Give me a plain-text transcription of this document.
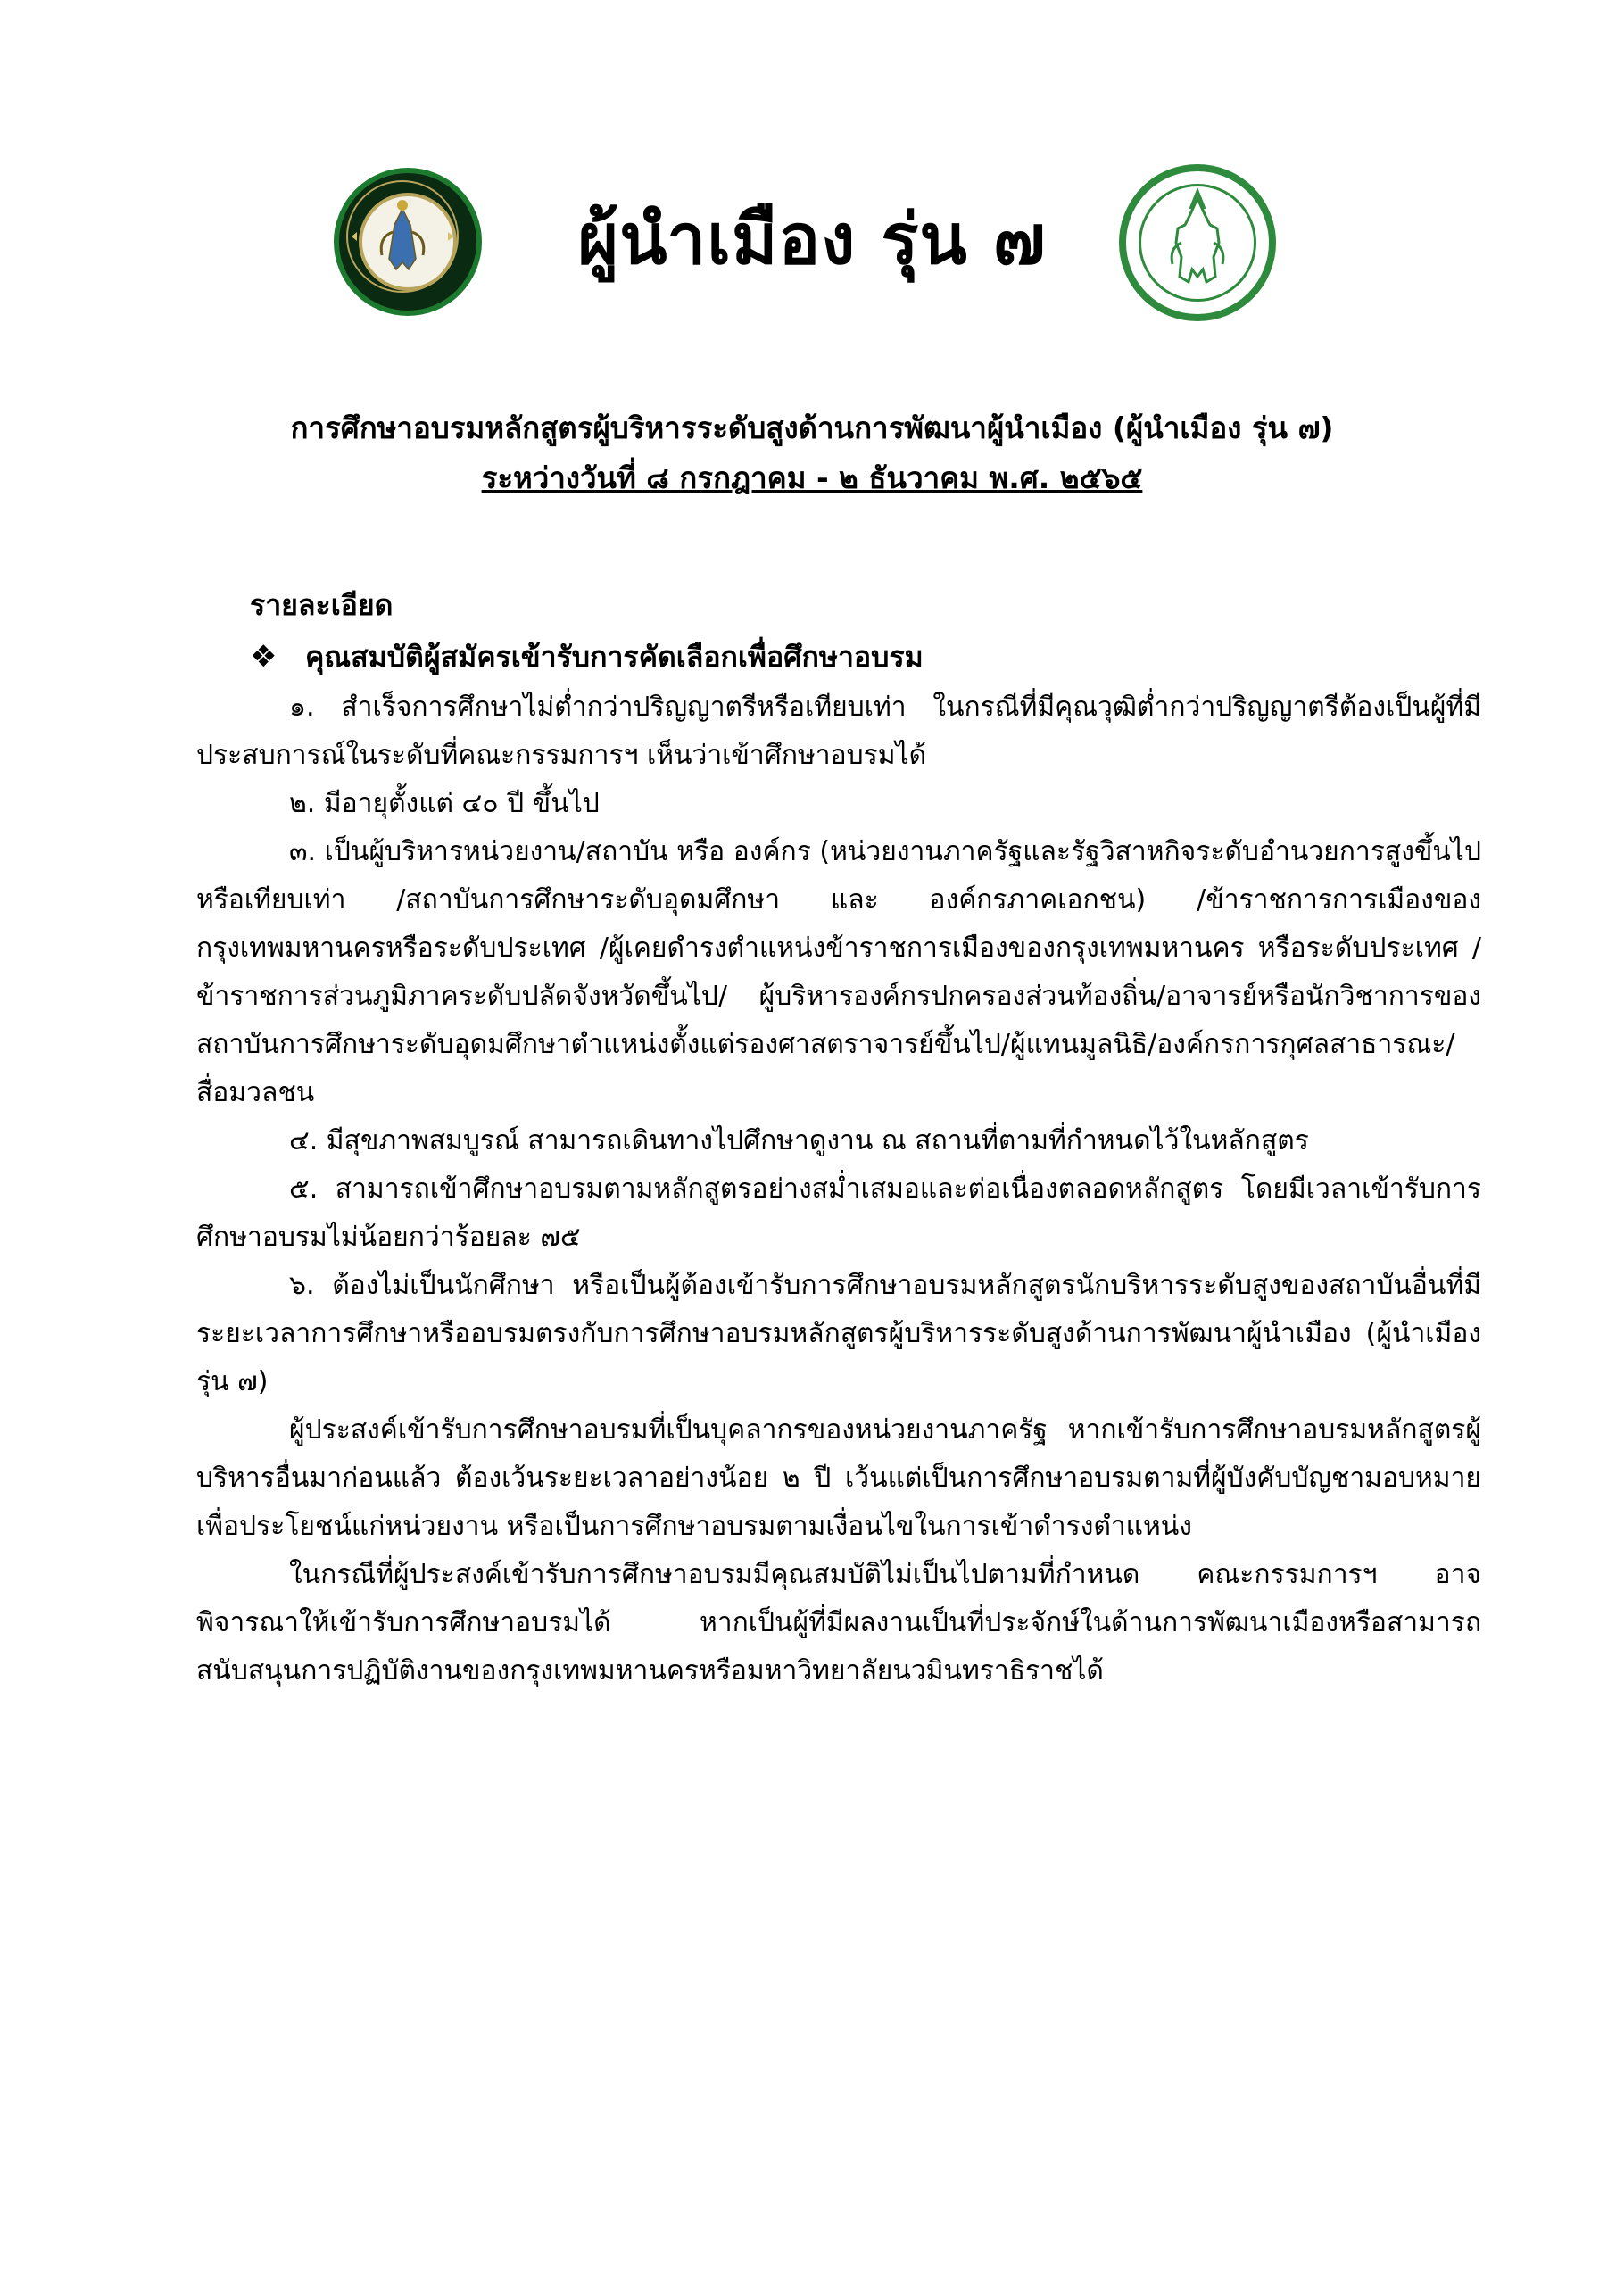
ผู้นำเมือง รุ่น ๗
การศึกษาอบรมหลักสูตรผู้บริหารระดับสูงด้านการพัฒนาผู้นำเมือง (ผู้นำเมือง รุ่น ๗)
ระหว่างวันที่ ๘ กรกฎาคม - ๒ ธันวาคม พ.ศ. ๒๕๖๕
รายละเอียด
❖ คุณสมบัติผู้สมัครเข้ารับการคัดเลือกเพื่อศึกษาอบรม

๑. สำเร็จการศึกษาไม่ต่ำกว่าปริญญาตรีหรือเทียบเท่า ในกรณีที่มีคุณวุฒิต่ำกว่าปริญญาตรีต้องเป็นผู้ที่มีประสบการณ์ในระดับที่คณะกรรมการฯ เห็นว่าเข้าศึกษาอบรมได้

๒. มีอายุตั้งแต่ ๔๐ ปี ขึ้นไป

๓. เป็นผู้บริหารหน่วยงาน/สถาบัน หรือ องค์กร (หน่วยงานภาครัฐและรัฐวิสาหกิจระดับอำนวยการสูงขึ้นไปหรือเทียบเท่า /สถาบันการศึกษาระดับอุดมศึกษา และ องค์กรภาคเอกชน) /ข้าราชการการเมืองของกรุงเทพมหานครหรือระดับประเทศ /ผู้เคยดำรงตำแหน่งข้าราชการเมืองของกรุงเทพมหานคร หรือระดับประเทศ /ข้าราชการส่วนภูมิภาคระดับปลัดจังหวัดขึ้นไป/ ผู้บริหารองค์กรปกครองส่วนท้องถิ่น/อาจารย์หรือนักวิชาการของสถาบันการศึกษาระดับอุดมศึกษาตำแหน่งตั้งแต่รองศาสตราจารย์ขึ้นไป/ผู้แทนมูลนิธิ/องค์กรการกุศลสาธารณะ/สื่อมวลชน

๔. มีสุขภาพสมบูรณ์ สามารถเดินทางไปศึกษาดูงาน ณ สถานที่ตามที่กำหนดไว้ในหลักสูตร

๕. สามารถเข้าศึกษาอบรมตามหลักสูตรอย่างสม่ำเสมอและต่อเนื่องตลอดหลักสูตร โดยมีเวลาเข้ารับการศึกษาอบรมไม่น้อยกว่าร้อยละ ๗๕

๖. ต้องไม่เป็นนักศึกษา หรือเป็นผู้ต้องเข้ารับการศึกษาอบรมหลักสูตรนักบริหารระดับสูงของสถาบันอื่นที่มีระยะเวลาการศึกษาหรืออบรมตรงกับการศึกษาอบรมหลักสูตรผู้บริหารระดับสูงด้านการพัฒนาผู้นำเมือง (ผู้นำเมือง รุ่น ๗)

ผู้ประสงค์เข้ารับการศึกษาอบรมที่เป็นบุคลากรของหน่วยงานภาครัฐ หากเข้ารับการศึกษาอบรมหลักสูตรผู้บริหารอื่นมาก่อนแล้ว ต้องเว้นระยะเวลาอย่างน้อย ๒ ปี เว้นแต่เป็นการศึกษาอบรมตามที่ผู้บังคับบัญชามอบหมายเพื่อประโยชน์แก่หน่วยงาน หรือเป็นการศึกษาอบรมตามเงื่อนไขในการเข้าดำรงตำแหน่ง

ในกรณีที่ผู้ประสงค์เข้ารับการศึกษาอบรมมีคุณสมบัติไม่เป็นไปตามที่กำหนด คณะกรรมการฯ อาจพิจารณาให้เข้ารับการศึกษาอบรมได้ หากเป็นผู้ที่มีผลงานเป็นที่ประจักษ์ในด้านการพัฒนาเมืองหรือสามารถสนับสนุนการปฏิบัติงานของกรุงเทพมหานครหรือมหาวิทยาลัยนวมินทราธิราชได้
